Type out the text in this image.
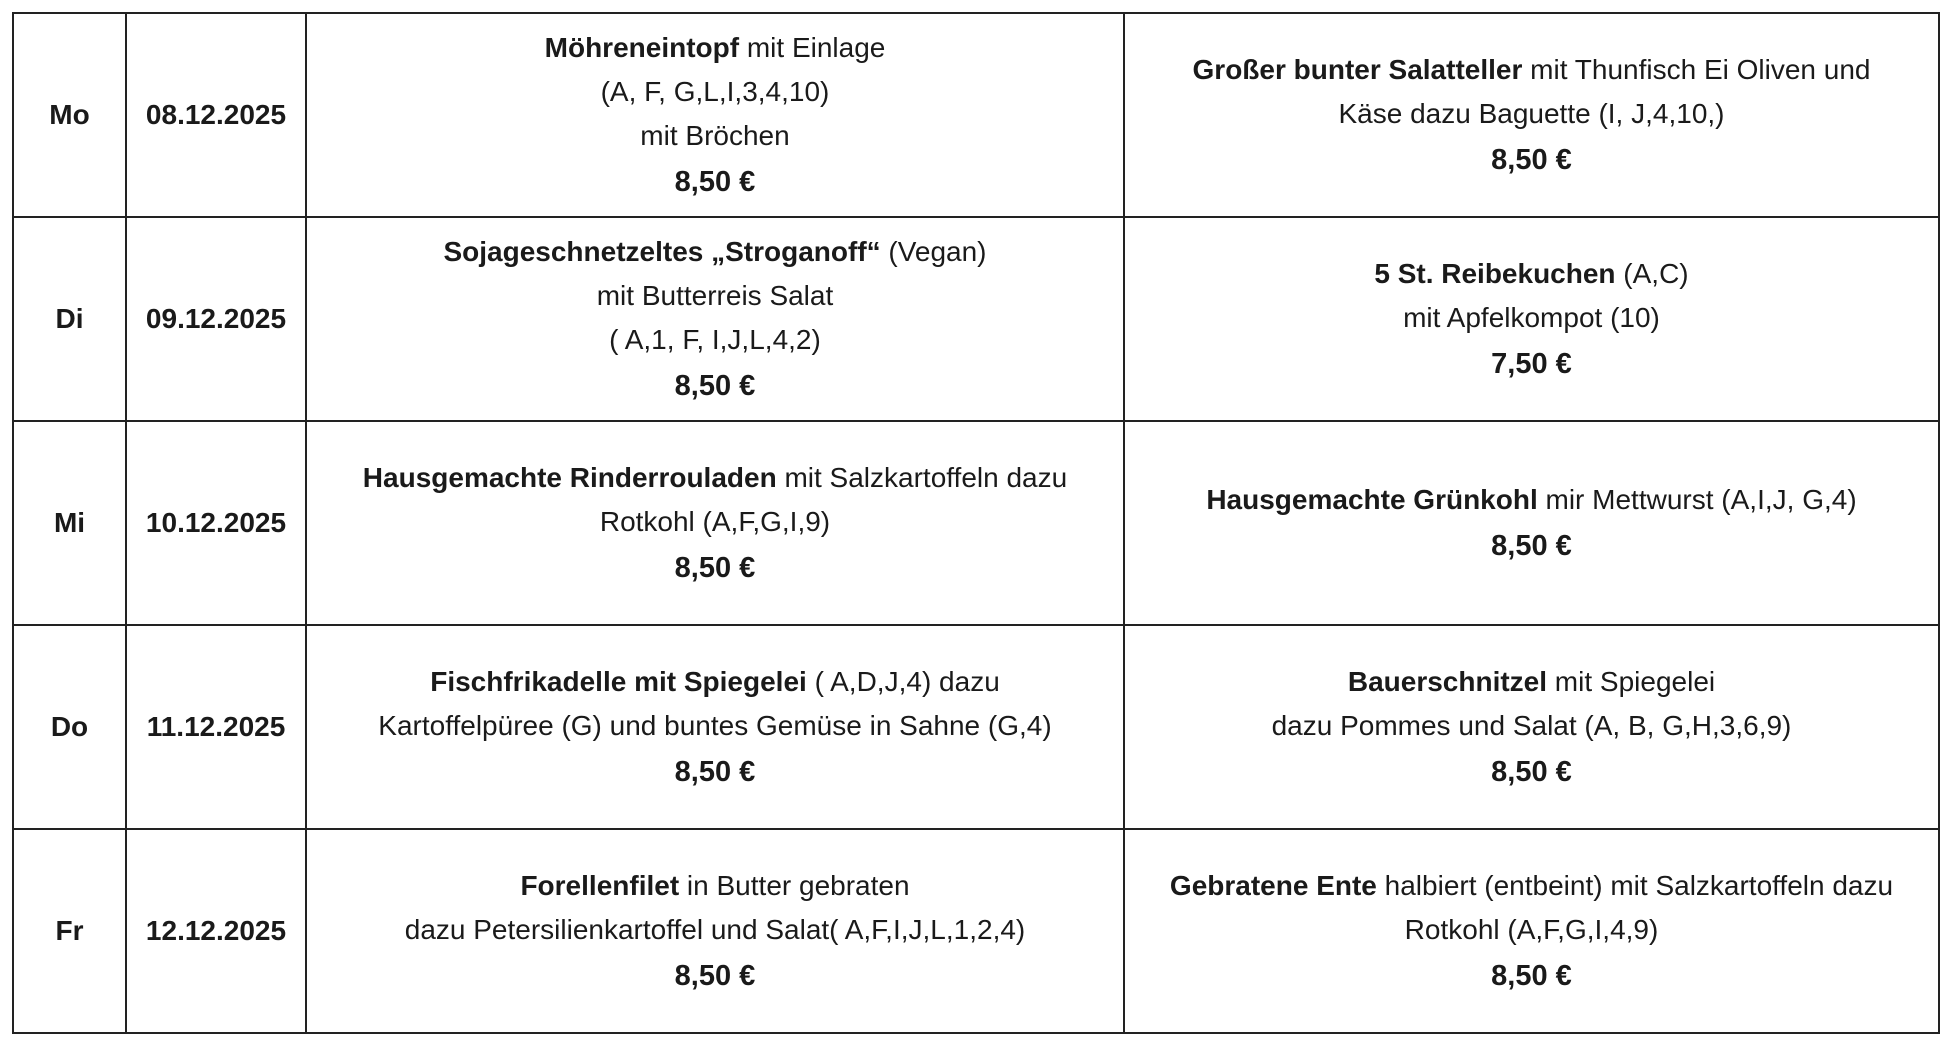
Mo	08.12.2025	Möhreneintopf mit Einlage
(A, F, G,L,I,3,4,10)
mit Bröchen
8,50 €	Großer bunter Salatteller mit Thunfisch Ei Oliven und
Käse dazu Baguette (I, J,4,10,)
8,50 €

Di	09.12.2025	Sojageschnetzeltes „Stroganoff“ (Vegan)
mit Butterreis Salat
( A,1, F, I,J,L,4,2)
8,50 €	5 St. Reibekuchen (A,C)
mit Apfelkompot (10)
7,50 €

Mi	10.12.2025	Hausgemachte Rinderrouladen mit Salzkartoffeln dazu
Rotkohl (A,F,G,I,9)
8,50 €	Hausgemachte Grünkohl mir Mettwurst (A,I,J, G,4)
8,50 €

Do	11.12.2025	Fischfrikadelle mit Spiegelei ( A,D,J,4) dazu
Kartoffelpüree (G) und buntes Gemüse in Sahne (G,4)
8,50 €	Bauerschnitzel mit Spiegelei
dazu Pommes und Salat (A, B, G,H,3,6,9)
8,50 €

Fr	12.12.2025	Forellenfilet in Butter gebraten
dazu Petersilienkartoffel und Salat( A,F,I,J,L,1,2,4)
8,50 €	Gebratene Ente halbiert (entbeint) mit Salzkartoffeln dazu
Rotkohl (A,F,G,I,4,9)
8,50 €
